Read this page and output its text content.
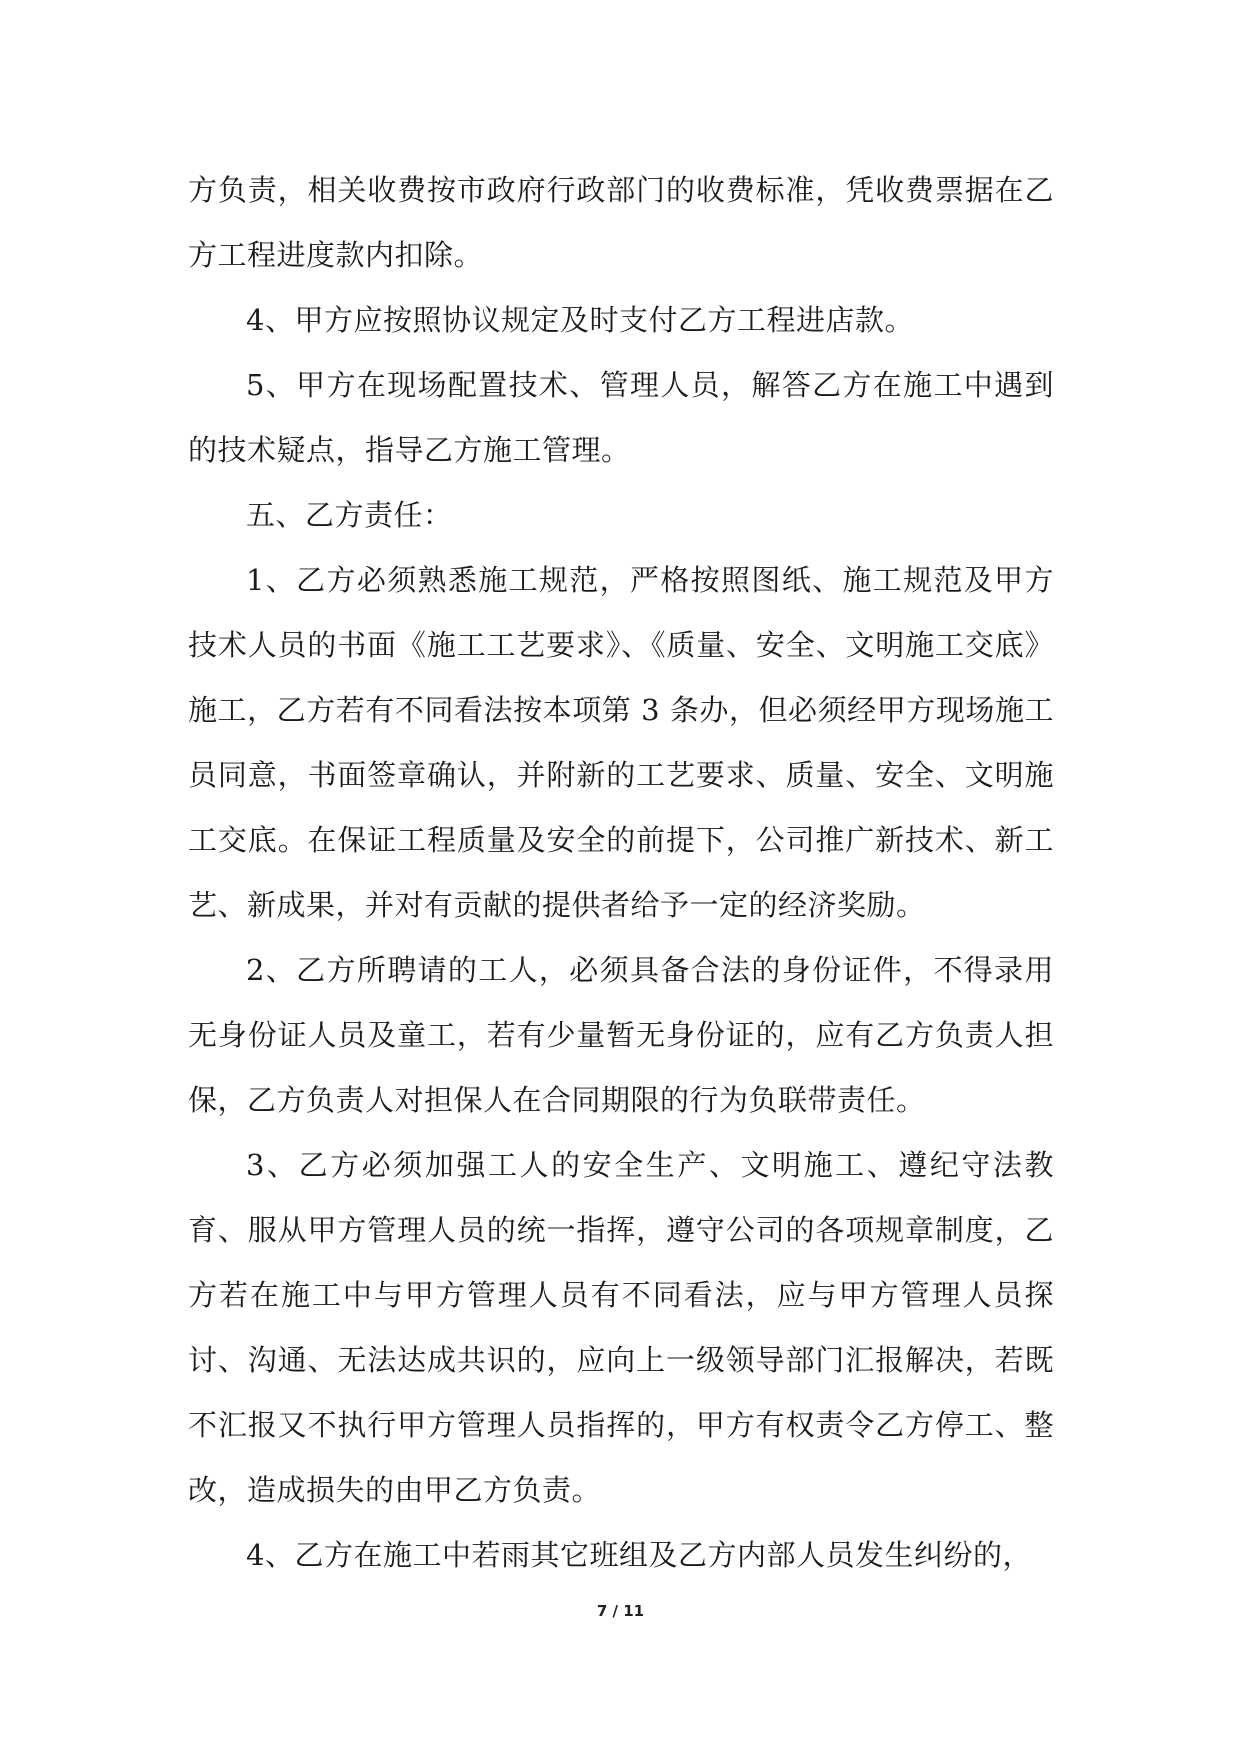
方负责，相关收费按市政府行政部门的收费标准，凭收费票据在乙方工程进度款内扣除。

4、甲方应按照协议规定及时支付乙方工程进店款。

5、甲方在现场配置技术、管理人员，解答乙方在施工中遇到的技术疑点，指导乙方施工管理。

五、乙方责任：

1、乙方必须熟悉施工规范，严格按照图纸、施工规范及甲方技术人员的书面《施工工艺要求》、《质量、安全、文明施工交底》施工，乙方若有不同看法按本项第 3 条办，但必须经甲方现场施工员同意，书面签章确认，并附新的工艺要求、质量、安全、文明施工交底。在保证工程质量及安全的前提下，公司推广新技术、新工艺、新成果，并对有贡献的提供者给予一定的经济奖励。

2、乙方所聘请的工人，必须具备合法的身份证件，不得录用无身份证人员及童工，若有少量暂无身份证的，应有乙方负责人担保，乙方负责人对担保人在合同期限的行为负联带责任。

3、乙方必须加强工人的安全生产、文明施工、遵纪守法教育、服从甲方管理人员的统一指挥，遵守公司的各项规章制度，乙方若在施工中与甲方管理人员有不同看法，应与甲方管理人员探讨、沟通、无法达成共识的，应向上一级领导部门汇报解决，若既不汇报又不执行甲方管理人员指挥的，甲方有权责令乙方停工、整改，造成损失的由甲乙方负责。

4、乙方在施工中若雨其它班组及乙方内部人员发生纠纷的，

7 / 11
